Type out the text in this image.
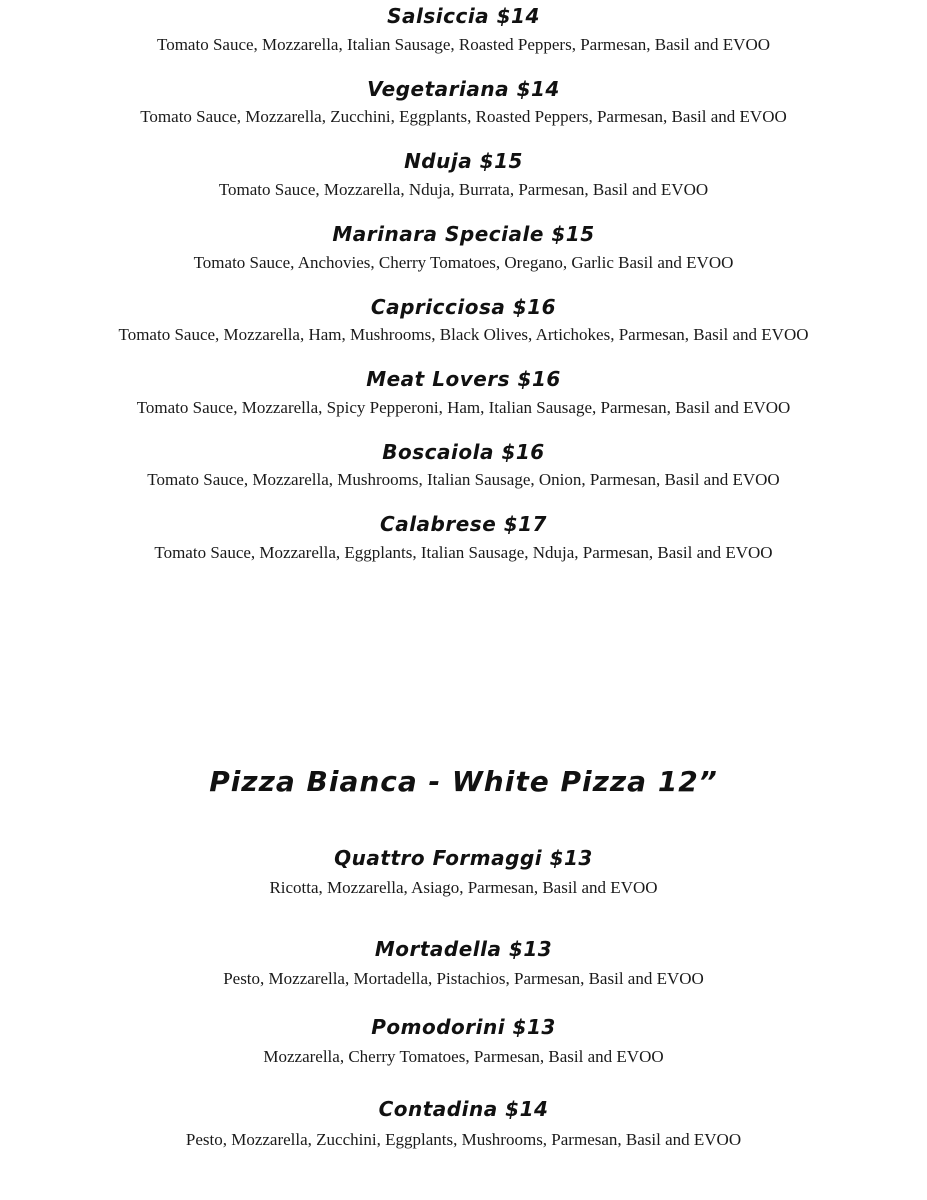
Salsiccia $14
Tomato Sauce, Mozzarella, Italian Sausage, Roasted Peppers, Parmesan, Basil and EVOO
Vegetariana $14
Tomato Sauce, Mozzarella, Zucchini, Eggplants, Roasted Peppers, Parmesan, Basil and EVOO
Nduja $15
Tomato Sauce, Mozzarella, Nduja, Burrata, Parmesan, Basil and EVOO
Marinara Speciale $15
Tomato Sauce, Anchovies, Cherry Tomatoes, Oregano, Garlic Basil and EVOO
Capricciosa $16
Tomato Sauce, Mozzarella, Ham, Mushrooms, Black Olives, Artichokes, Parmesan, Basil and EVOO
Meat Lovers $16
Tomato Sauce, Mozzarella, Spicy Pepperoni, Ham, Italian Sausage, Parmesan, Basil and EVOO
Boscaiola $16
Tomato Sauce, Mozzarella, Mushrooms, Italian Sausage, Onion, Parmesan, Basil and EVOO
Calabrese $17
Tomato Sauce, Mozzarella, Eggplants, Italian Sausage, Nduja, Parmesan, Basil and EVOO
Pizza Bianca - White Pizza 12”
Quattro Formaggi $13
Ricotta, Mozzarella, Asiago, Parmesan, Basil and EVOO
Mortadella $13
Pesto, Mozzarella, Mortadella, Pistachios, Parmesan, Basil and EVOO
Pomodorini $13
Mozzarella, Cherry Tomatoes, Parmesan, Basil and EVOO
Contadina $14
Pesto, Mozzarella, Zucchini, Eggplants, Mushrooms, Parmesan, Basil and EVOO
